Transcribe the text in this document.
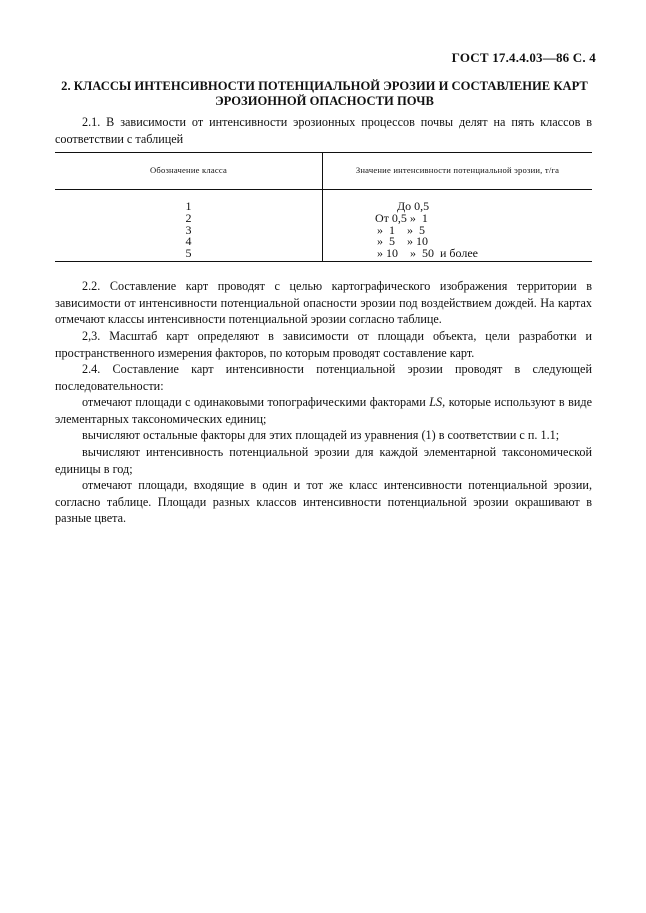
ГОСТ 17.4.4.03—86 С. 4
2. КЛАССЫ ИНТЕНСИВНОСТИ ПОТЕНЦИАЛЬНОЙ ЭРОЗИИ И СОСТАВЛЕНИЕ КАРТ
ЭРОЗИОННОЙ ОПАСНОСТИ ПОЧВ

2.1. В зависимости от интенсивности эрозионных процессов почвы делят на пять классов в соответствии с таблицей

Обозначение класса	Значение интенсивности потенциальной эрозии, т/га
1
2
3
4
5
До 0,5
От 0,5 »  1
»  1    »  5
»  5    » 10
» 10    »  50  и более

2.2. Составление карт проводят с целью картографического изображения территории в зависимости от интенсивности потенциальной опасности эрозии под воздействием дождей. На картах отмечают классы интенсивности потенциальной эрозии согласно таблице.

2,3. Масштаб карт определяют в зависимости от площади объекта, цели разработки и пространственного измерения факторов, по которым проводят составление карт.

2.4. Составление карт интенсивности потенциальной эрозии проводят в следующей последовательности:

отмечают площади с одинаковыми топографическими факторами LS, которые используют в виде элементарных таксономических единиц;

вычисляют остальные факторы для этих площадей из уравнения (1) в соответствии с п. 1.1;

вычисляют интенсивность потенциальной эрозии для каждой элементарной таксономической единицы в год;

отмечают площади, входящие в один и тот же класс интенсивности потенциальной эрозии, согласно таблице. Площади разных классов интенсивности потенциальной эрозии окрашивают в разные цвета.
